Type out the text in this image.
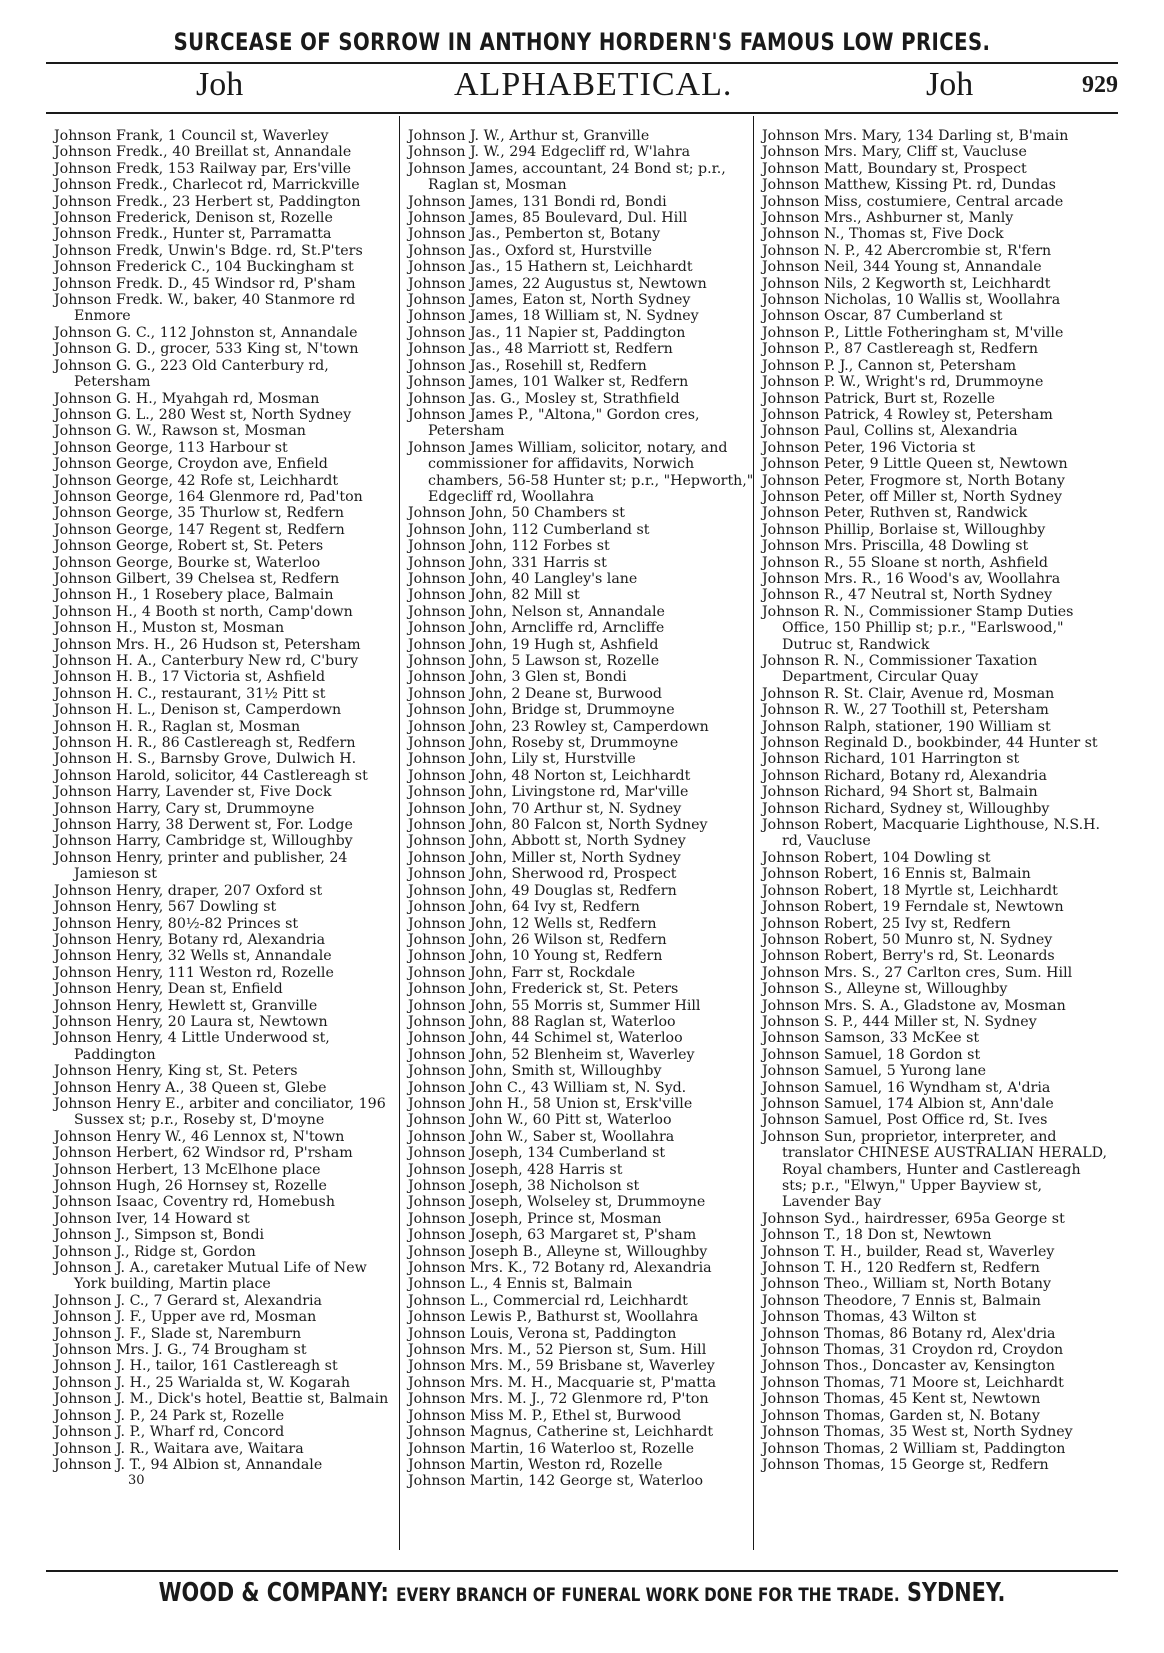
SURCEASE OF SORROW IN ANTHONY HORDERN'S FAMOUS LOW PRICES.
Joh	ALPHABETICAL.	Joh	929

Johnson Frank, 1 Council st, Waverley

Johnson Fredk., 40 Breillat st, Annandale

Johnson Fredk, 153 Railway par, Ers'ville

Johnson Fredk., Charlecot rd, Marrickville

Johnson Fredk., 23 Herbert st, Paddington

Johnson Frederick, Denison st, Rozelle

Johnson Fredk., Hunter st, Parramatta

Johnson Fredk, Unwin's Bdge. rd, St.P'ters

Johnson Frederick C., 104 Buckingham st

Johnson Fredk. D., 45 Windsor rd, P'sham

Johnson Fredk. W., baker, 40 Stanmore rd Enmore

Johnson G. C., 112 Johnston st, Annandale

Johnson G. D., grocer, 533 King st, N'town

Johnson G. G., 223 Old Canterbury rd, Petersham

Johnson G. H., Myahgah rd, Mosman

Johnson G. L., 280 West st, North Sydney

Johnson G. W., Rawson st, Mosman

Johnson George, 113 Harbour st

Johnson George, Croydon ave, Enfield

Johnson George, 42 Rofe st, Leichhardt

Johnson George, 164 Glenmore rd, Pad'ton

Johnson George, 35 Thurlow st, Redfern

Johnson George, 147 Regent st, Redfern

Johnson George, Robert st, St. Peters

Johnson George, Bourke st, Waterloo

Johnson Gilbert, 39 Chelsea st, Redfern

Johnson H., 1 Rosebery place, Balmain

Johnson H., 4 Booth st north, Camp'down

Johnson H., Muston st, Mosman

Johnson Mrs. H., 26 Hudson st, Petersham

Johnson H. A., Canterbury New rd, C'bury

Johnson H. B., 17 Victoria st, Ashfield

Johnson H. C., restaurant, 31½ Pitt st

Johnson H. L., Denison st, Camperdown

Johnson H. R., Raglan st, Mosman

Johnson H. R., 86 Castlereagh st, Redfern

Johnson H. S., Barnsby Grove, Dulwich H.

Johnson Harold, solicitor, 44 Castlereagh st

Johnson Harry, Lavender st, Five Dock

Johnson Harry, Cary st, Drummoyne

Johnson Harry, 38 Derwent st, For. Lodge

Johnson Harry, Cambridge st, Willoughby

Johnson Henry, printer and publisher, 24 Jamieson st

Johnson Henry, draper, 207 Oxford st

Johnson Henry, 567 Dowling st

Johnson Henry, 80½-82 Princes st

Johnson Henry, Botany rd, Alexandria

Johnson Henry, 32 Wells st, Annandale

Johnson Henry, 111 Weston rd, Rozelle

Johnson Henry, Dean st, Enfield

Johnson Henry, Hewlett st, Granville

Johnson Henry, 20 Laura st, Newtown

Johnson Henry, 4 Little Underwood st, Paddington

Johnson Henry, King st, St. Peters

Johnson Henry A., 38 Queen st, Glebe

Johnson Henry E., arbiter and conciliator, 196 Sussex st; p.r., Roseby st, D'moyne

Johnson Henry W., 46 Lennox st, N'town

Johnson Herbert, 62 Windsor rd, P'rsham

Johnson Herbert, 13 McElhone place

Johnson Hugh, 26 Hornsey st, Rozelle

Johnson Isaac, Coventry rd, Homebush

Johnson Iver, 14 Howard st

Johnson J., Simpson st, Bondi

Johnson J., Ridge st, Gordon

Johnson J. A., caretaker Mutual Life of New York building, Martin place

Johnson J. C., 7 Gerard st, Alexandria

Johnson J. F., Upper ave rd, Mosman

Johnson J. F., Slade st, Naremburn

Johnson Mrs. J. G., 74 Brougham st

Johnson J. H., tailor, 161 Castlereagh st

Johnson J. H., 25 Warialda st, W. Kogarah

Johnson J. M., Dick's hotel, Beattie st, Balmain

Johnson J. P., 24 Park st, Rozelle

Johnson J. P., Wharf rd, Concord

Johnson J. R., Waitara ave, Waitara

Johnson J. T., 94 Albion st, Annandale

30

Johnson J. W., Arthur st, Granville

Johnson J. W., 294 Edgecliff rd, W'lahra

Johnson James, accountant, 24 Bond st; p.r., Raglan st, Mosman

Johnson James, 131 Bondi rd, Bondi

Johnson James, 85 Boulevard, Dul. Hill

Johnson Jas., Pemberton st, Botany

Johnson Jas., Oxford st, Hurstville

Johnson Jas., 15 Hathern st, Leichhardt

Johnson James, 22 Augustus st, Newtown

Johnson James, Eaton st, North Sydney

Johnson James, 18 William st, N. Sydney

Johnson Jas., 11 Napier st, Paddington

Johnson Jas., 48 Marriott st, Redfern

Johnson Jas., Rosehill st, Redfern

Johnson James, 101 Walker st, Redfern

Johnson Jas. G., Mosley st, Strathfield

Johnson James P., "Altona," Gordon cres, Petersham

Johnson James William, solicitor, notary, and commissioner for affidavits, Norwich chambers, 56-58 Hunter st; p.r., "Hepworth," Edgecliff rd, Woollahra

Johnson John, 50 Chambers st

Johnson John, 112 Cumberland st

Johnson John, 112 Forbes st

Johnson John, 331 Harris st

Johnson John, 40 Langley's lane

Johnson John, 82 Mill st

Johnson John, Nelson st, Annandale

Johnson John, Arncliffe rd, Arncliffe

Johnson John, 19 Hugh st, Ashfield

Johnson John, 5 Lawson st, Rozelle

Johnson John, 3 Glen st, Bondi

Johnson John, 2 Deane st, Burwood

Johnson John, Bridge st, Drummoyne

Johnson John, 23 Rowley st, Camperdown

Johnson John, Roseby st, Drummoyne

Johnson John, Lily st, Hurstville

Johnson John, 48 Norton st, Leichhardt

Johnson John, Livingstone rd, Mar'ville

Johnson John, 70 Arthur st, N. Sydney

Johnson John, 80 Falcon st, North Sydney

Johnson John, Abbott st, North Sydney

Johnson John, Miller st, North Sydney

Johnson John, Sherwood rd, Prospect

Johnson John, 49 Douglas st, Redfern

Johnson John, 64 Ivy st, Redfern

Johnson John, 12 Wells st, Redfern

Johnson John, 26 Wilson st, Redfern

Johnson John, 10 Young st, Redfern

Johnson John, Farr st, Rockdale

Johnson John, Frederick st, St. Peters

Johnson John, 55 Morris st, Summer Hill

Johnson John, 88 Raglan st, Waterloo

Johnson John, 44 Schimel st, Waterloo

Johnson John, 52 Blenheim st, Waverley

Johnson John, Smith st, Willoughby

Johnson John C., 43 William st, N. Syd.

Johnson John H., 58 Union st, Ersk'ville

Johnson John W., 60 Pitt st, Waterloo

Johnson John W., Saber st, Woollahra

Johnson Joseph, 134 Cumberland st

Johnson Joseph, 428 Harris st

Johnson Joseph, 38 Nicholson st

Johnson Joseph, Wolseley st, Drummoyne

Johnson Joseph, Prince st, Mosman

Johnson Joseph, 63 Margaret st, P'sham

Johnson Joseph B., Alleyne st, Willoughby

Johnson Mrs. K., 72 Botany rd, Alexandria

Johnson L., 4 Ennis st, Balmain

Johnson L., Commercial rd, Leichhardt

Johnson Lewis P., Bathurst st, Woollahra

Johnson Louis, Verona st, Paddington

Johnson Mrs. M., 52 Pierson st, Sum. Hill

Johnson Mrs. M., 59 Brisbane st, Waverley

Johnson Mrs. M. H., Macquarie st, P'matta

Johnson Mrs. M. J., 72 Glenmore rd, P'ton

Johnson Miss M. P., Ethel st, Burwood

Johnson Magnus, Catherine st, Leichhardt

Johnson Martin, 16 Waterloo st, Rozelle

Johnson Martin, Weston rd, Rozelle

Johnson Martin, 142 George st, Waterloo

Johnson Mrs. Mary, 134 Darling st, B'main

Johnson Mrs. Mary, Cliff st, Vaucluse

Johnson Matt, Boundary st, Prospect

Johnson Matthew, Kissing Pt. rd, Dundas

Johnson Miss, costumiere, Central arcade

Johnson Mrs., Ashburner st, Manly

Johnson N., Thomas st, Five Dock

Johnson N. P., 42 Abercrombie st, R'fern

Johnson Neil, 344 Young st, Annandale

Johnson Nils, 2 Kegworth st, Leichhardt

Johnson Nicholas, 10 Wallis st, Woollahra

Johnson Oscar, 87 Cumberland st

Johnson P., Little Fotheringham st, M'ville

Johnson P., 87 Castlereagh st, Redfern

Johnson P. J., Cannon st, Petersham

Johnson P. W., Wright's rd, Drummoyne

Johnson Patrick, Burt st, Rozelle

Johnson Patrick, 4 Rowley st, Petersham

Johnson Paul, Collins st, Alexandria

Johnson Peter, 196 Victoria st

Johnson Peter, 9 Little Queen st, Newtown

Johnson Peter, Frogmore st, North Botany

Johnson Peter, off Miller st, North Sydney

Johnson Peter, Ruthven st, Randwick

Johnson Phillip, Borlaise st, Willoughby

Johnson Mrs. Priscilla, 48 Dowling st

Johnson R., 55 Sloane st north, Ashfield

Johnson Mrs. R., 16 Wood's av, Woollahra

Johnson R., 47 Neutral st, North Sydney

Johnson R. N., Commissioner Stamp Duties Office, 150 Phillip st; p.r., "Earlswood," Dutruc st, Randwick

Johnson R. N., Commissioner Taxation Department, Circular Quay

Johnson R. St. Clair, Avenue rd, Mosman

Johnson R. W., 27 Toothill st, Petersham

Johnson Ralph, stationer, 190 William st

Johnson Reginald D., bookbinder, 44 Hunter st

Johnson Richard, 101 Harrington st

Johnson Richard, Botany rd, Alexandria

Johnson Richard, 94 Short st, Balmain

Johnson Richard, Sydney st, Willoughby

Johnson Robert, Macquarie Lighthouse, N.S.H. rd, Vaucluse

Johnson Robert, 104 Dowling st

Johnson Robert, 16 Ennis st, Balmain

Johnson Robert, 18 Myrtle st, Leichhardt

Johnson Robert, 19 Ferndale st, Newtown

Johnson Robert, 25 Ivy st, Redfern

Johnson Robert, 50 Munro st, N. Sydney

Johnson Robert, Berry's rd, St. Leonards

Johnson Mrs. S., 27 Carlton cres, Sum. Hill

Johnson S., Alleyne st, Willoughby

Johnson Mrs. S. A., Gladstone av, Mosman

Johnson S. P., 444 Miller st, N. Sydney

Johnson Samson, 33 McKee st

Johnson Samuel, 18 Gordon st

Johnson Samuel, 5 Yurong lane

Johnson Samuel, 16 Wyndham st, A'dria

Johnson Samuel, 174 Albion st, Ann'dale

Johnson Samuel, Post Office rd, St. Ives

Johnson Sun, proprietor, interpreter, and translator CHINESE AUSTRALIAN HERALD, Royal chambers, Hunter and Castlereagh sts; p.r., "Elwyn," Upper Bayview st, Lavender Bay

Johnson Syd., hairdresser, 695a George st

Johnson T., 18 Don st, Newtown

Johnson T. H., builder, Read st, Waverley

Johnson T. H., 120 Redfern st, Redfern

Johnson Theo., William st, North Botany

Johnson Theodore, 7 Ennis st, Balmain

Johnson Thomas, 43 Wilton st

Johnson Thomas, 86 Botany rd, Alex'dria

Johnson Thomas, 31 Croydon rd, Croydon

Johnson Thos., Doncaster av, Kensington

Johnson Thomas, 71 Moore st, Leichhardt

Johnson Thomas, 45 Kent st, Newtown

Johnson Thomas, Garden st, N. Botany

Johnson Thomas, 35 West st, North Sydney

Johnson Thomas, 2 William st, Paddington

Johnson Thomas, 15 George st, Redfern

WOOD & COMPANY: EVERY BRANCH OF FUNERAL WORK DONE FOR THE TRADE. SYDNEY.
